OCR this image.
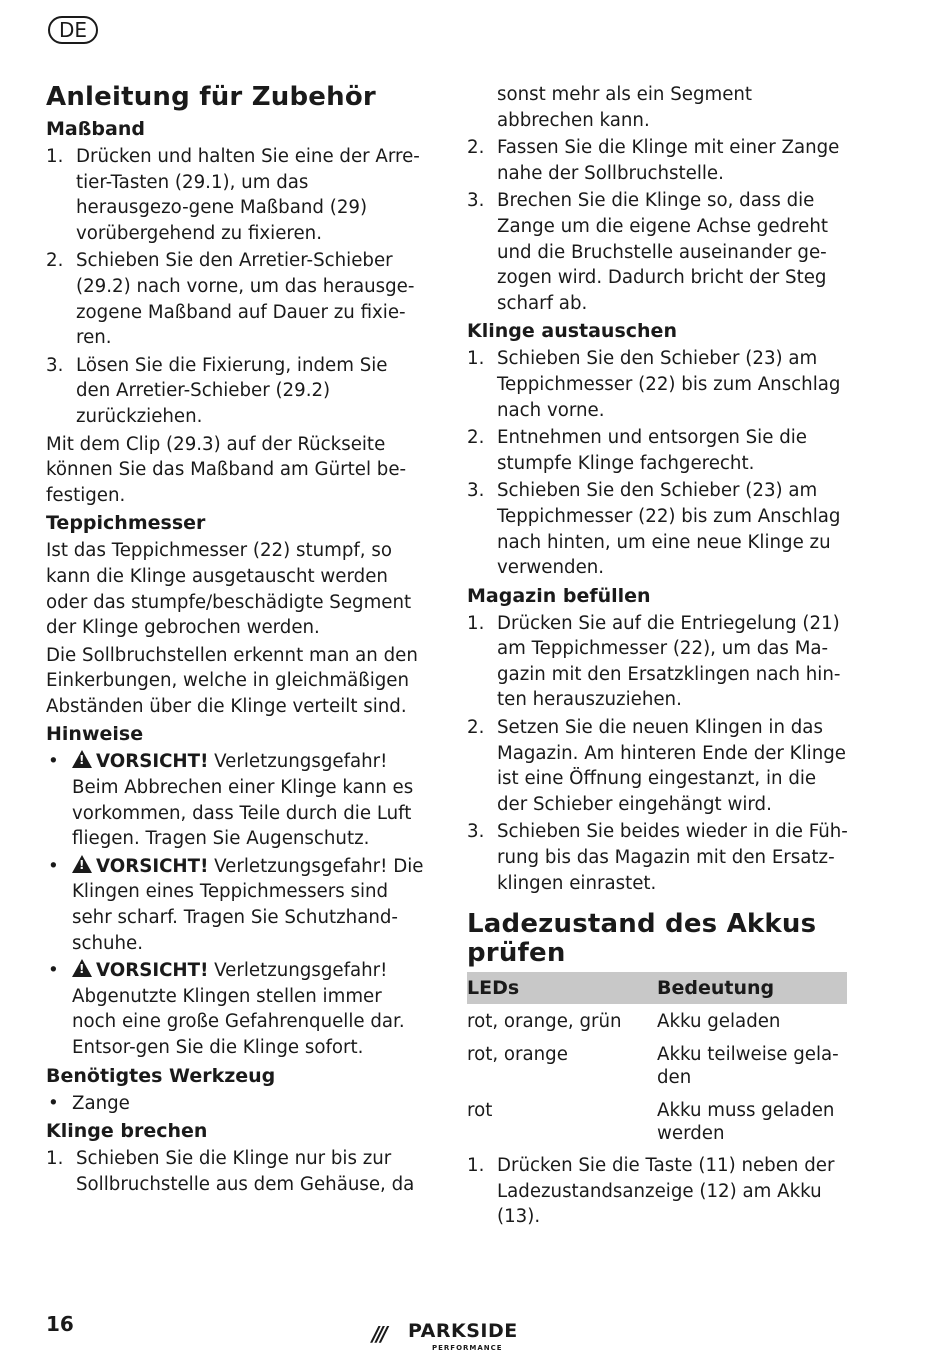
DE
Anleitung für Zubehör
Maßband
1. Drücken und halten Sie eine der Arre-tier-Tasten (29.1), um das herausgezo-gene Maßband (29) vorübergehend zu fixieren.
2. Schieben Sie den Arretier-Schieber (29.2) nach vorne, um das herausge-zogene Maßband auf Dauer zu fixie-ren.
3. Lösen Sie die Fixierung, indem Sie den Arretier-Schieber (29.2) zurückziehen.

Mit dem Clip (29.3) auf der Rückseite können Sie das Maßband am Gürtel be-festigen.

Teppichmesser

Ist das Teppichmesser (22) stumpf, so kann die Klinge ausgetauscht werden oder das stumpfe/beschädigte Segment der Klinge gebrochen werden.

Die Sollbruchstellen erkennt man an den Einkerbungen, welche in gleichmäßigen Abständen über die Klinge verteilt sind.

Hinweise
• ! VORSICHT! Verletzungsgefahr! Beim Abbrechen einer Klinge kann es vorkommen, dass Teile durch die Luft fliegen. Tragen Sie Augenschutz.
• ! VORSICHT! Verletzungsgefahr! Die Klingen eines Teppichmessers sind sehr scharf. Tragen Sie Schutzhand-schuhe.
• ! VORSICHT! Verletzungsgefahr! Abgenutzte Klingen stellen immer noch eine große Gefahrenquelle dar. Entsor-gen Sie die Klinge sofort.
Benötigtes Werkzeug
• Zange
Klinge brechen
1. Schieben Sie die Klinge nur bis zur Sollbruchstelle aus dem Gehäuse, da

sonst mehr als ein Segment abbrechen kann.

2. Fassen Sie die Klinge mit einer Zange nahe der Sollbruchstelle.
3. Brechen Sie die Klinge so, dass die Zange um die eigene Achse gedreht und die Bruchstelle auseinander ge-zogen wird. Dadurch bricht der Steg scharf ab.
Klinge austauschen
1. Schieben Sie den Schieber (23) am Teppichmesser (22) bis zum Anschlag nach vorne.
2. Entnehmen und entsorgen Sie die stumpfe Klinge fachgerecht.
3. Schieben Sie den Schieber (23) am Teppichmesser (22) bis zum Anschlag nach hinten, um eine neue Klinge zu verwenden.
Magazin befüllen
1. Drücken Sie auf die Entriegelung (21) am Teppichmesser (22), um das Ma-gazin mit den Ersatzklingen nach hin-ten herauszuziehen.
2. Setzen Sie die neuen Klingen in das Magazin. Am hinteren Ende der Klinge ist eine Öffnung eingestanzt, in die der Schieber eingehängt wird.
3. Schieben Sie beides wieder in die Füh-rung bis das Magazin mit den Ersatz-klingen einrastet.
Ladezustand des Akkus prüfen
LEDs	Bedeutung
rot, orange, grün	Akku geladen
rot, orange	Akku teilweise gela-den
rot	Akku muss geladen werden
1. Drücken Sie die Taste (11) neben der Ladezustandsanzeige (12) am Akku (13).
16	/// PARKSIDE
PERFORMANCE
